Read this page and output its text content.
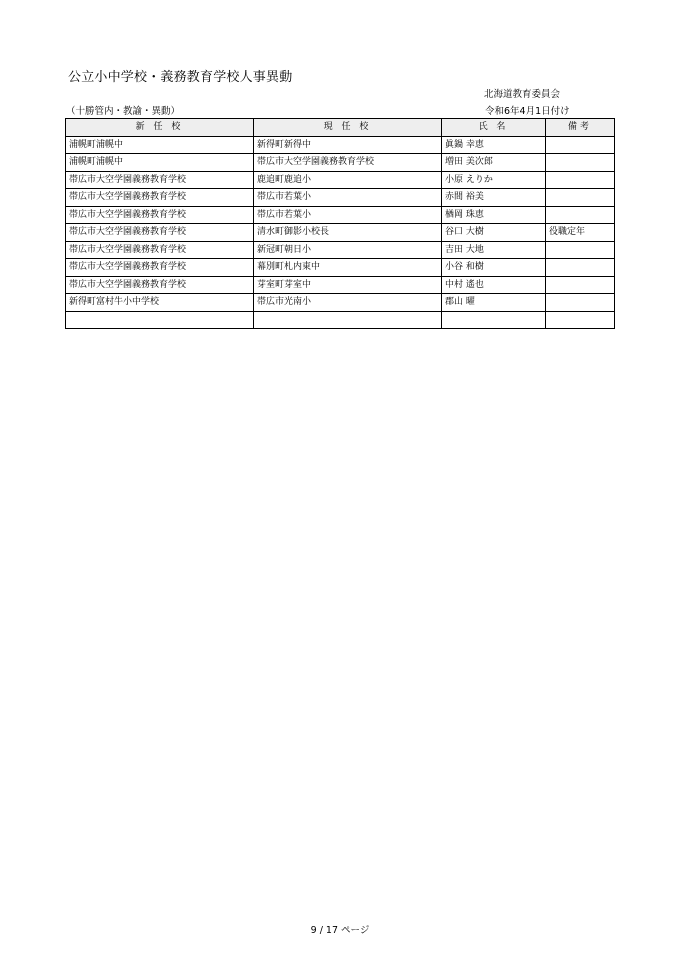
公立小中学校・義務教育学校人事異動
北海道教育委員会
（十勝管内・教諭・異動）	令和6年4月1日付け
新 任 校	現 任 校	氏 名	備考
浦幌町浦幌中	新得町新得中	眞鍋 幸恵	
浦幌町浦幌中	帯広市大空学園義務教育学校	増田 美次郎	
帯広市大空学園義務教育学校	鹿追町鹿追小	小原 えりか	
帯広市大空学園義務教育学校	帯広市若葉小	赤間 裕美	
帯広市大空学園義務教育学校	帯広市若葉小	楢岡 珠恵	
帯広市大空学園義務教育学校	清水町御影小校長	谷口 大樹	役職定年
帯広市大空学園義務教育学校	新冠町朝日小	吉田 大地	
帯広市大空学園義務教育学校	幕別町札内東中	小谷 和樹	
帯広市大空学園義務教育学校	芽室町芽室中	中村 遙也	
新得町富村牛小中学校	帯広市光南小	郡山 曜	

9 / 17 ページ
